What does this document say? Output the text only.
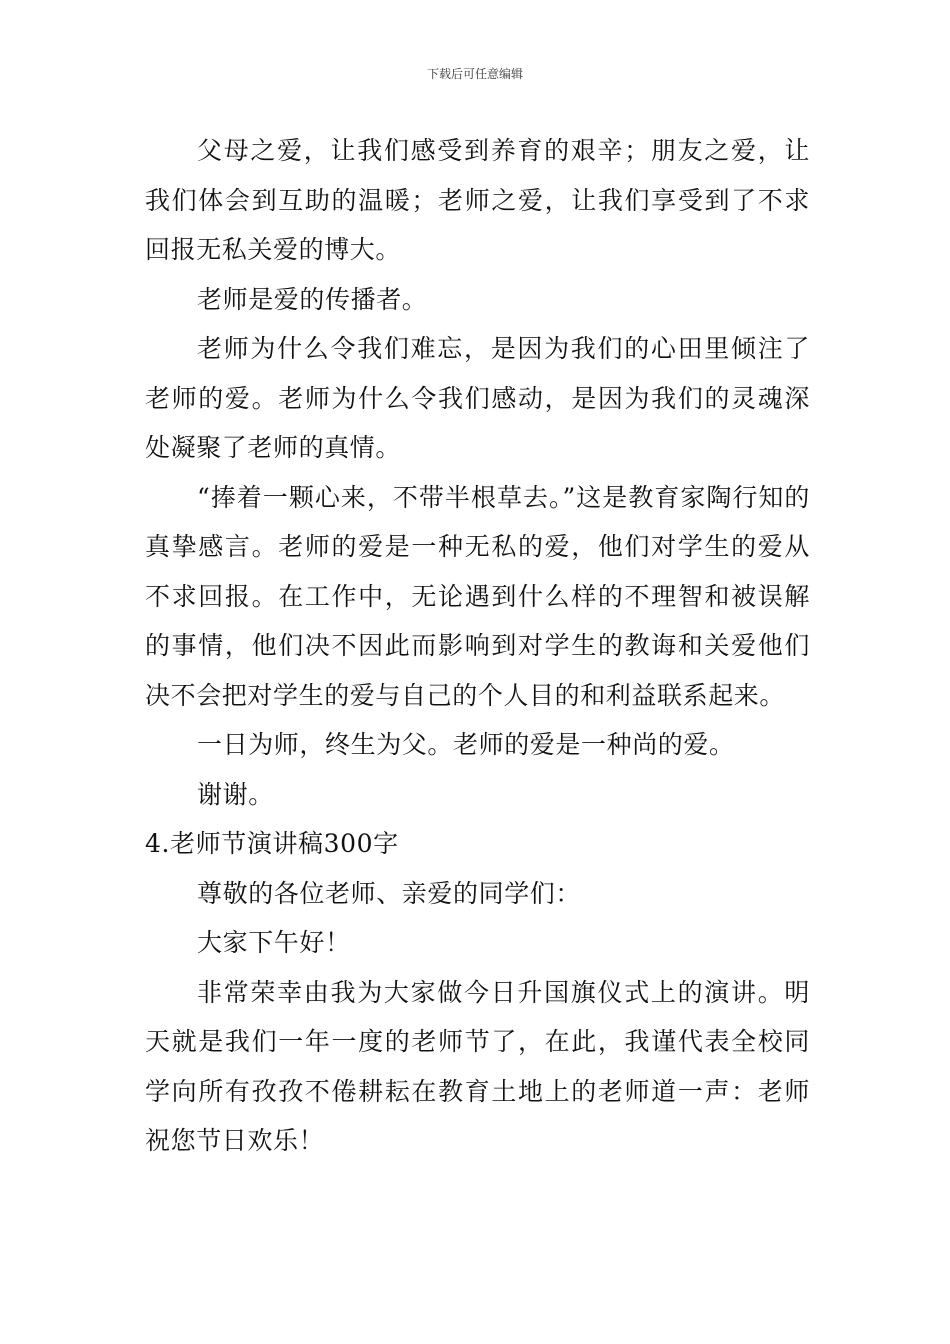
下载后可任意编辑

父母之爱，让我们感受到养育的艰辛；朋友之爱，让我们体会到互助的温暖；老师之爱，让我们享受到了不求回报无私关爱的博大。

老师是爱的传播者。

老师为什么令我们难忘，是因为我们的心田里倾注了老师的爱。老师为什么令我们感动，是因为我们的灵魂深处凝聚了老师的真情。

“捧着一颗心来，不带半根草去。”这是教育家陶行知的真挚感言。老师的爱是一种无私的爱，他们对学生的爱从不求回报。在工作中，无论遇到什么样的不理智和被误解的事情，他们决不因此而影响到对学生的教诲和关爱他们决不会把对学生的爱与自己的个人目的和利益联系起来。

一日为师，终生为父。老师的爱是一种尚的爱。

谢谢。

4.老师节演讲稿300字

尊敬的各位老师、亲爱的同学们：

大家下午好！

非常荣幸由我为大家做今日升国旗仪式上的演讲。明天就是我们一年一度的老师节了，在此，我谨代表全校同学向所有孜孜不倦耕耘在教育土地上的老师道一声：老师祝您节日欢乐！
